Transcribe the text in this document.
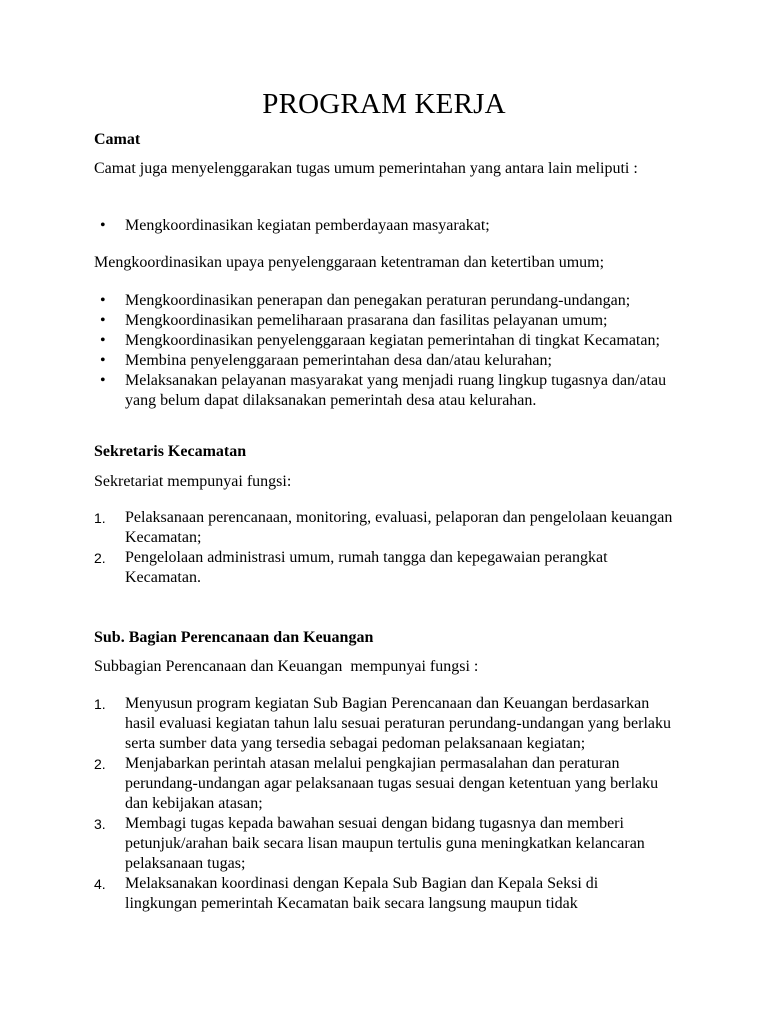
PROGRAM KERJA
Camat
Camat juga menyelenggarakan tugas umum pemerintahan yang antara lain meliputi :
• Mengkoordinasikan kegiatan pemberdayaan masyarakat;
Mengkoordinasikan upaya penyelenggaraan ketentraman dan ketertiban umum;
• Mengkoordinasikan penerapan dan penegakan peraturan perundang-undangan;
• Mengkoordinasikan pemeliharaan prasarana dan fasilitas pelayanan umum;
• Mengkoordinasikan penyelenggaraan kegiatan pemerintahan di tingkat Kecamatan;
• Membina penyelenggaraan pemerintahan desa dan/atau kelurahan;
• Melaksanakan pelayanan masyarakat yang menjadi ruang lingkup tugasnya dan/atau yang belum dapat dilaksanakan pemerintah desa atau kelurahan.
Sekretaris Kecamatan
Sekretariat mempunyai fungsi:
1.	Pelaksanaan perencanaan, monitoring, evaluasi, pelaporan dan pengelolaan keuangan Kecamatan;
2.	Pengelolaan administrasi umum, rumah tangga dan kepegawaian perangkat Kecamatan.
Sub. Bagian Perencanaan dan Keuangan
Subbagian Perencanaan dan Keuangan  mempunyai fungsi :
1.	Menyusun program kegiatan Sub Bagian Perencanaan dan Keuangan berdasarkan hasil evaluasi kegiatan tahun lalu sesuai peraturan perundang-undangan yang berlaku serta sumber data yang tersedia sebagai pedoman pelaksanaan kegiatan;
2.	Menjabarkan perintah atasan melalui pengkajian permasalahan dan peraturan perundang-undangan agar pelaksanaan tugas sesuai dengan ketentuan yang berlaku dan kebijakan atasan;
3.	Membagi tugas kepada bawahan sesuai dengan bidang tugasnya dan memberi petunjuk/arahan baik secara lisan maupun tertulis guna meningkatkan kelancaran pelaksanaan tugas;
4.	Melaksanakan koordinasi dengan Kepala Sub Bagian dan Kepala Seksi di lingkungan pemerintah Kecamatan baik secara langsung maupun tidak
